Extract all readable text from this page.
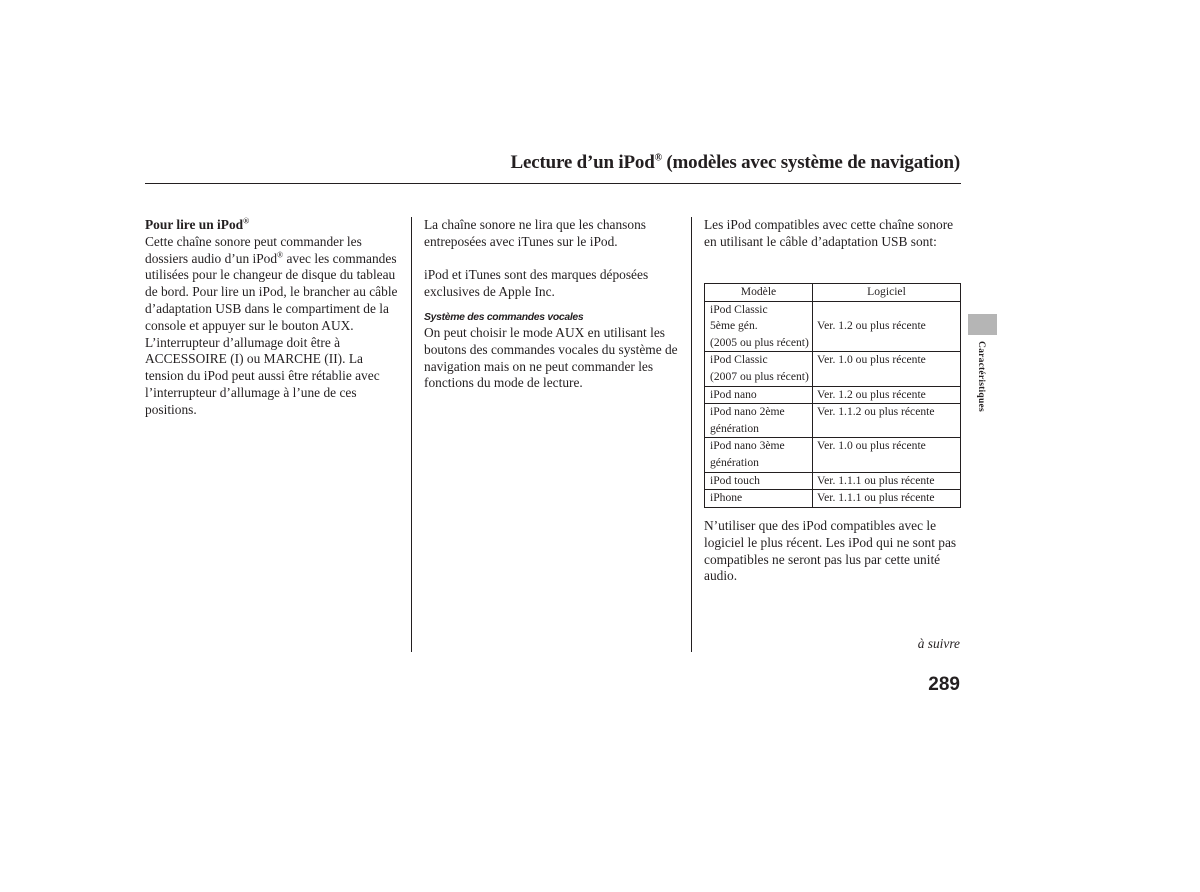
Lecture d’un iPod® (modèles avec système de navigation)

Pour lire un iPod®

Cette chaîne sonore peut commander les dossiers audio d’un iPod® avec les commandes utilisées pour le changeur de disque du tableau de bord. Pour lire un iPod, le brancher au câble d’adaptation USB dans le compartiment de la console et appuyer sur le bouton AUX. L’interrupteur d’allumage doit être à ACCESSOIRE (I) ou MARCHE (II). La tension du iPod peut aussi être rétablie avec l’interrupteur d’allumage à l’une de ces positions.

La chaîne sonore ne lira que les chansons entreposées avec iTunes sur le iPod.

iPod et iTunes sont des marques déposées exclusives de Apple Inc.

Système des commandes vocales

On peut choisir le mode AUX en utilisant les boutons des commandes vocales du système de navigation mais on ne peut commander les fonctions du mode de lecture.

Les iPod compatibles avec cette chaîne sonore en utilisant le câble d’adaptation USB sont:

Modèle	Logiciel

iPod Classic
5ème gén.
(2005 ou plus récent)	Ver. 1.2 ou plus récente

iPod Classic
(2007 ou plus récent)	Ver. 1.0 ou plus récente

iPod nano	Ver. 1.2 ou plus récente

iPod nano 2ème
génération	Ver. 1.1.2 ou plus récente

iPod nano 3ème
génération	Ver. 1.0 ou plus récente

iPod touch	Ver. 1.1.1 ou plus récente

iPhone	Ver. 1.1.1 ou plus récente

N’utiliser que des iPod compatibles avec le logiciel le plus récent. Les iPod qui ne sont pas compatibles ne seront pas lus par cette unité audio.

à suivre
289
Caractéristiques
